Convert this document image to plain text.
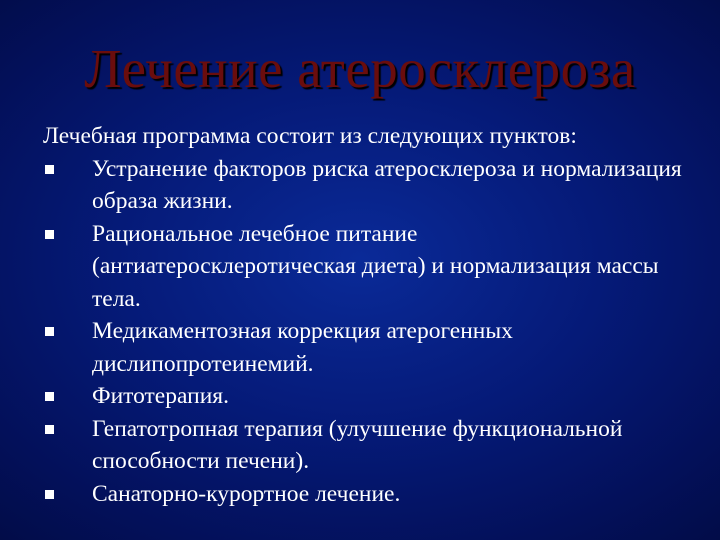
Лечение атеросклероза

Лечебная программа состоит из следующих пунктов:

Устранение факторов риска атеросклероза и нормализация образа жизни.
Рациональное лечебное питание (антиатеросклеротическая диета) и нормализация массы тела.
Медикаментозная коррекция атерогенных дислипопротеинемий.
Фитотерапия.
Гепатотропная терапия (улучшение функциональной способности печени).
Санаторно-курортное лечение.
